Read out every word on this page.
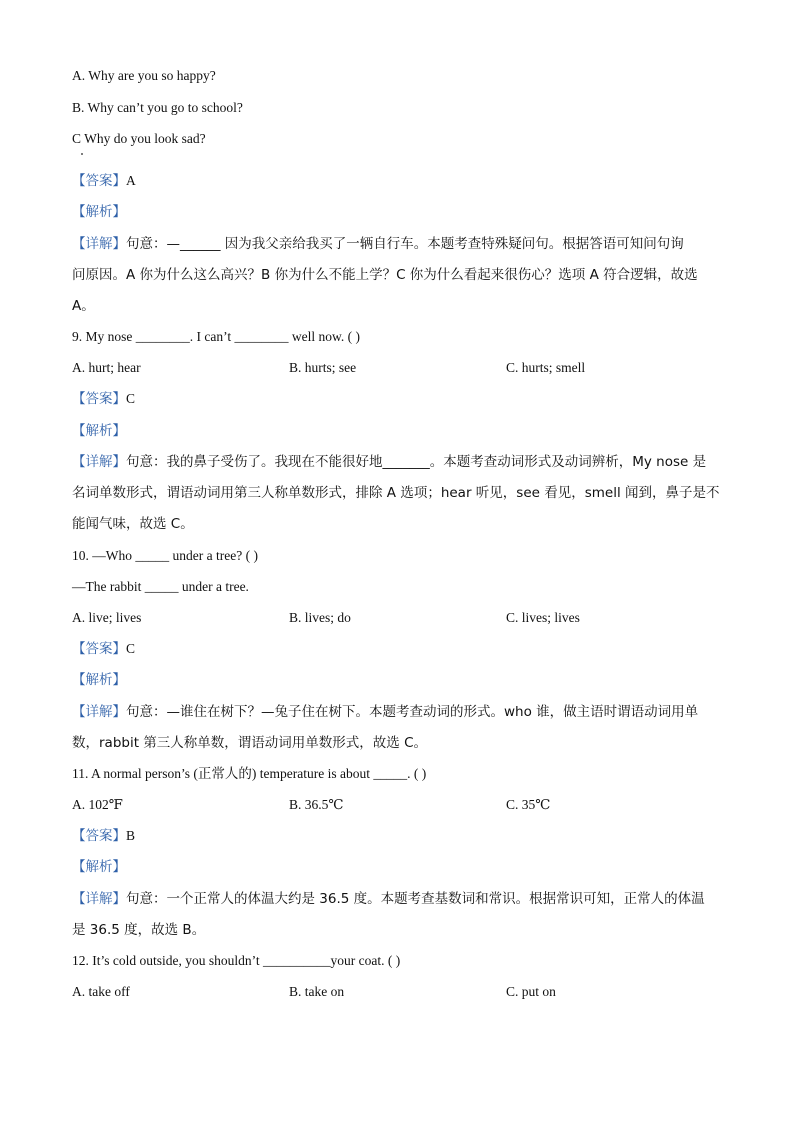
A. Why are you so happy?
B. Why can’t you go to school?
C Why do you look sad?
【答案】A
【解析】
【详解】句意：—______ 因为我父亲给我买了一辆自行车。本题考查特殊疑问句。根据答语可知问句询
问原因。A 你为什么这么高兴？B 你为什么不能上学？C 你为什么看起来很伤心？选项 A 符合逻辑，故选
A。
9. My nose ________. I can’t ________ well now. ( )
A. hurt; hear	B. hurts; see	C. hurts; smell
【答案】C
【解析】
【详解】句意：我的鼻子受伤了。我现在不能很好地_______。本题考查动词形式及动词辨析，My nose 是
名词单数形式，谓语动词用第三人称单数形式，排除 A 选项；hear 听见，see 看见，smell 闻到，鼻子是不
能闻气味，故选 C。
10. —Who _____ under a tree? ( )
—The rabbit _____ under a tree.
A. live; lives	B. lives; do	C. lives; lives
【答案】C
【解析】
【详解】句意：—谁住在树下？—兔子住在树下。本题考查动词的形式。who 谁，做主语时谓语动词用单
数，rabbit 第三人称单数，谓语动词用单数形式，故选 C。
11. A normal person’s (正常人的) temperature is about _____. ( )
A. 102℉	B. 36.5℃	C. 35℃
【答案】B
【解析】
【详解】句意：一个正常人的体温大约是 36.5 度。本题考查基数词和常识。根据常识可知，正常人的体温
是 36.5 度，故选 B。
12. It’s cold outside, you shouldn’t __________your coat. ( )
A. take off	B. take on	C. put on
